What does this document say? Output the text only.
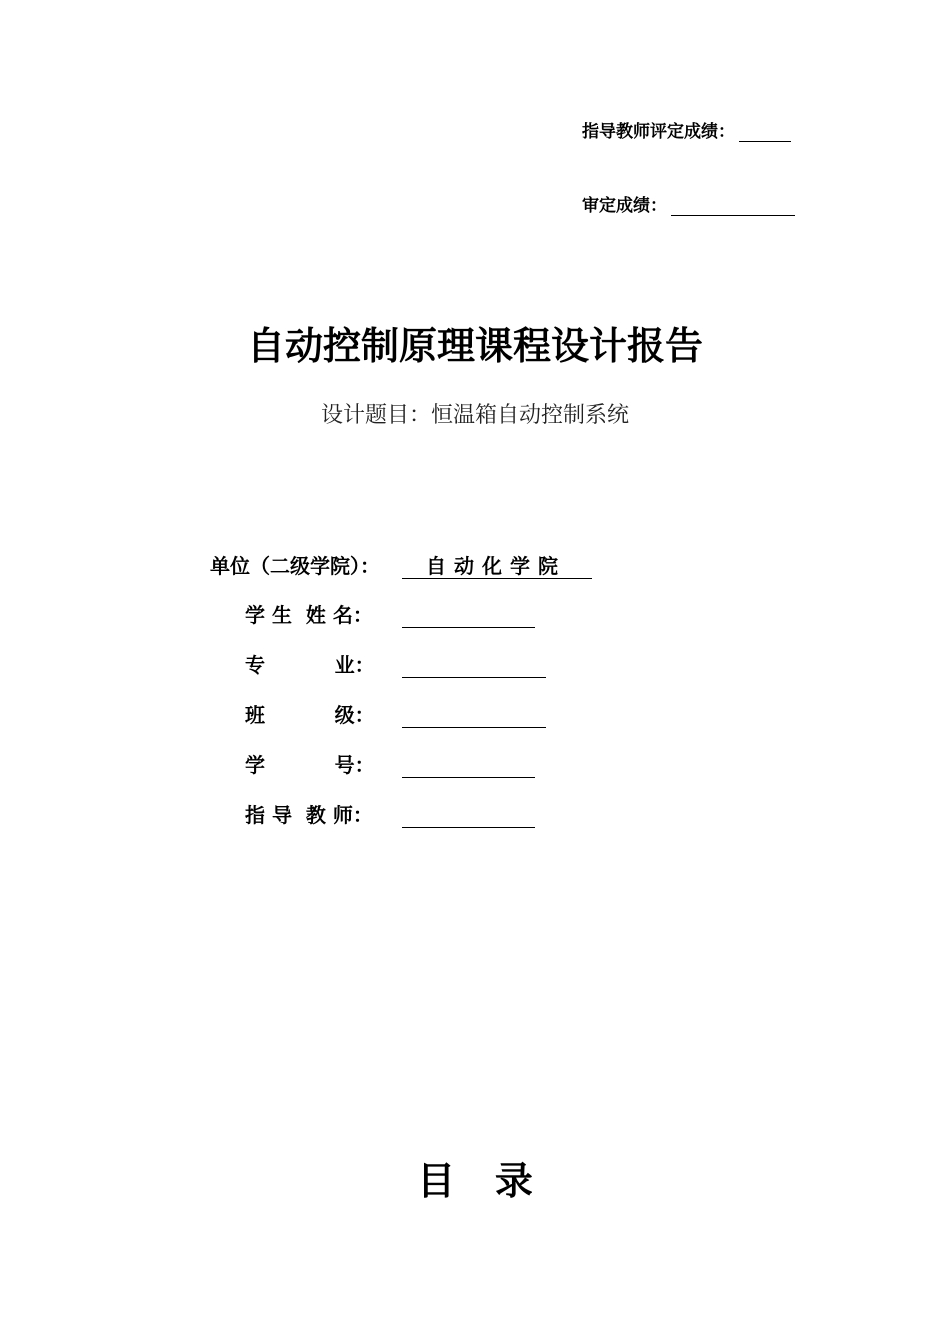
指导教师评定成绩：
审定成绩：
自动控制原理课程设计报告
设计题目：恒温箱自动控制系统
单位（二级学院）：	自动化学院
学 生  姓 名：
专          业：
班          级：
学          号：
指 导  教 师：
目   录
